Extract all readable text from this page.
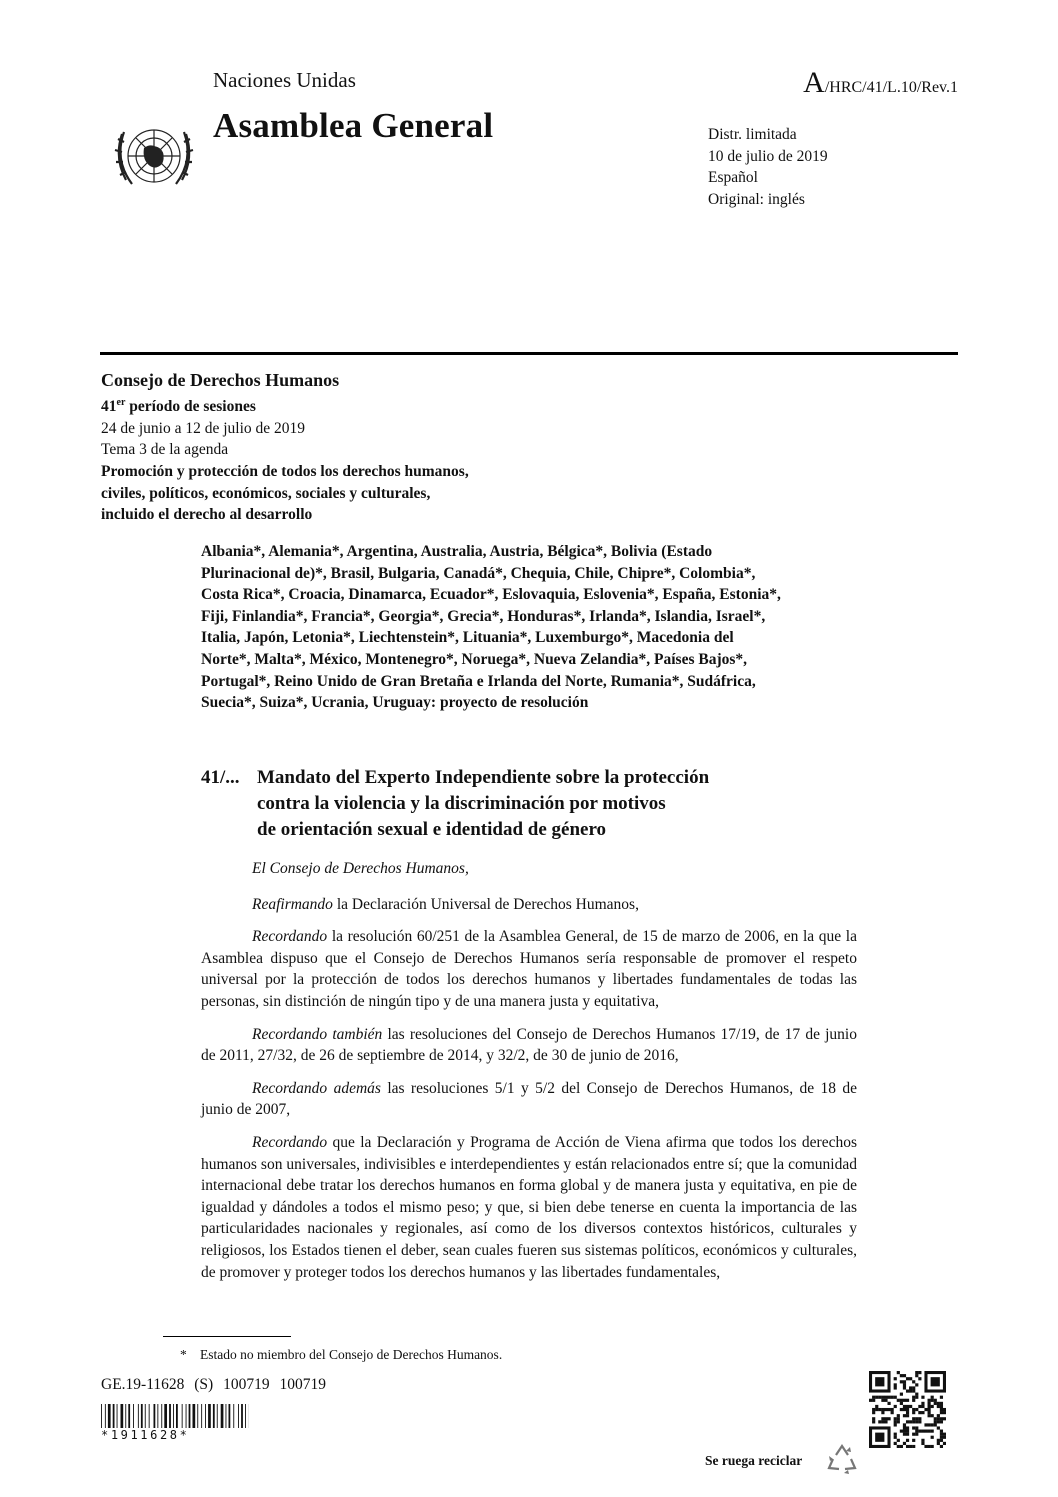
Naciones Unidas	A/HRC/41/L.10/Rev.1
Asamblea General	Distr. limitada
10 de julio de 2019
Español
Original: inglés
Consejo de Derechos Humanos
41er período de sesiones
24 de junio a 12 de julio de 2019
Tema 3 de la agenda
Promoción y protección de todos los derechos humanos,
civiles, políticos, económicos, sociales y culturales,
incluido el derecho al desarrollo
Albania*, Alemania*, Argentina, Australia, Austria, Bélgica*, Bolivia (Estado Plurinacional de)*, Brasil, Bulgaria, Canadá*, Chequia, Chile, Chipre*, Colombia*, Costa Rica*, Croacia, Dinamarca, Ecuador*, Eslovaquia, Eslovenia*, España, Estonia*, Fiji, Finlandia*, Francia*, Georgia*, Grecia*, Honduras*, Irlanda*, Islandia, Israel*, Italia, Japón, Letonia*, Liechtenstein*, Lituania*, Luxemburgo*, Macedonia del Norte*, Malta*, México, Montenegro*, Noruega*, Nueva Zelandia*, Países Bajos*, Portugal*, Reino Unido de Gran Bretaña e Irlanda del Norte, Rumania*, Sudáfrica, Suecia*, Suiza*, Ucrania, Uruguay: proyecto de resolución
41/... Mandato del Experto Independiente sobre la protección
contra la violencia y la discriminación por motivos
de orientación sexual e identidad de género

El Consejo de Derechos Humanos,

Reafirmando la Declaración Universal de Derechos Humanos,

Recordando la resolución 60/251 de la Asamblea General, de 15 de marzo de 2006, en la que la Asamblea dispuso que el Consejo de Derechos Humanos sería responsable de promover el respeto universal por la protección de todos los derechos humanos y libertades fundamentales de todas las personas, sin distinción de ningún tipo y de una manera justa y equitativa,

Recordando también las resoluciones del Consejo de Derechos Humanos 17/19, de 17 de junio de 2011, 27/32, de 26 de septiembre de 2014, y 32/2, de 30 de junio de 2016,

Recordando además las resoluciones 5/1 y 5/2 del Consejo de Derechos Humanos, de 18 de junio de 2007,

Recordando que la Declaración y Programa de Acción de Viena afirma que todos los derechos humanos son universales, indivisibles e interdependientes y están relacionados entre sí; que la comunidad internacional debe tratar los derechos humanos en forma global y de manera justa y equitativa, en pie de igualdad y dándoles a todos el mismo peso; y que, si bien debe tenerse en cuenta la importancia de las particularidades nacionales y regionales, así como de los diversos contextos históricos, culturales y religiosos, los Estados tienen el deber, sean cuales fueren sus sistemas políticos, económicos y culturales, de promover y proteger todos los derechos humanos y las libertades fundamentales,

* Estado no miembro del Consejo de Derechos Humanos.
GE.19-11628 (S) 100719 100719
*1911628*
Se ruega reciclar
